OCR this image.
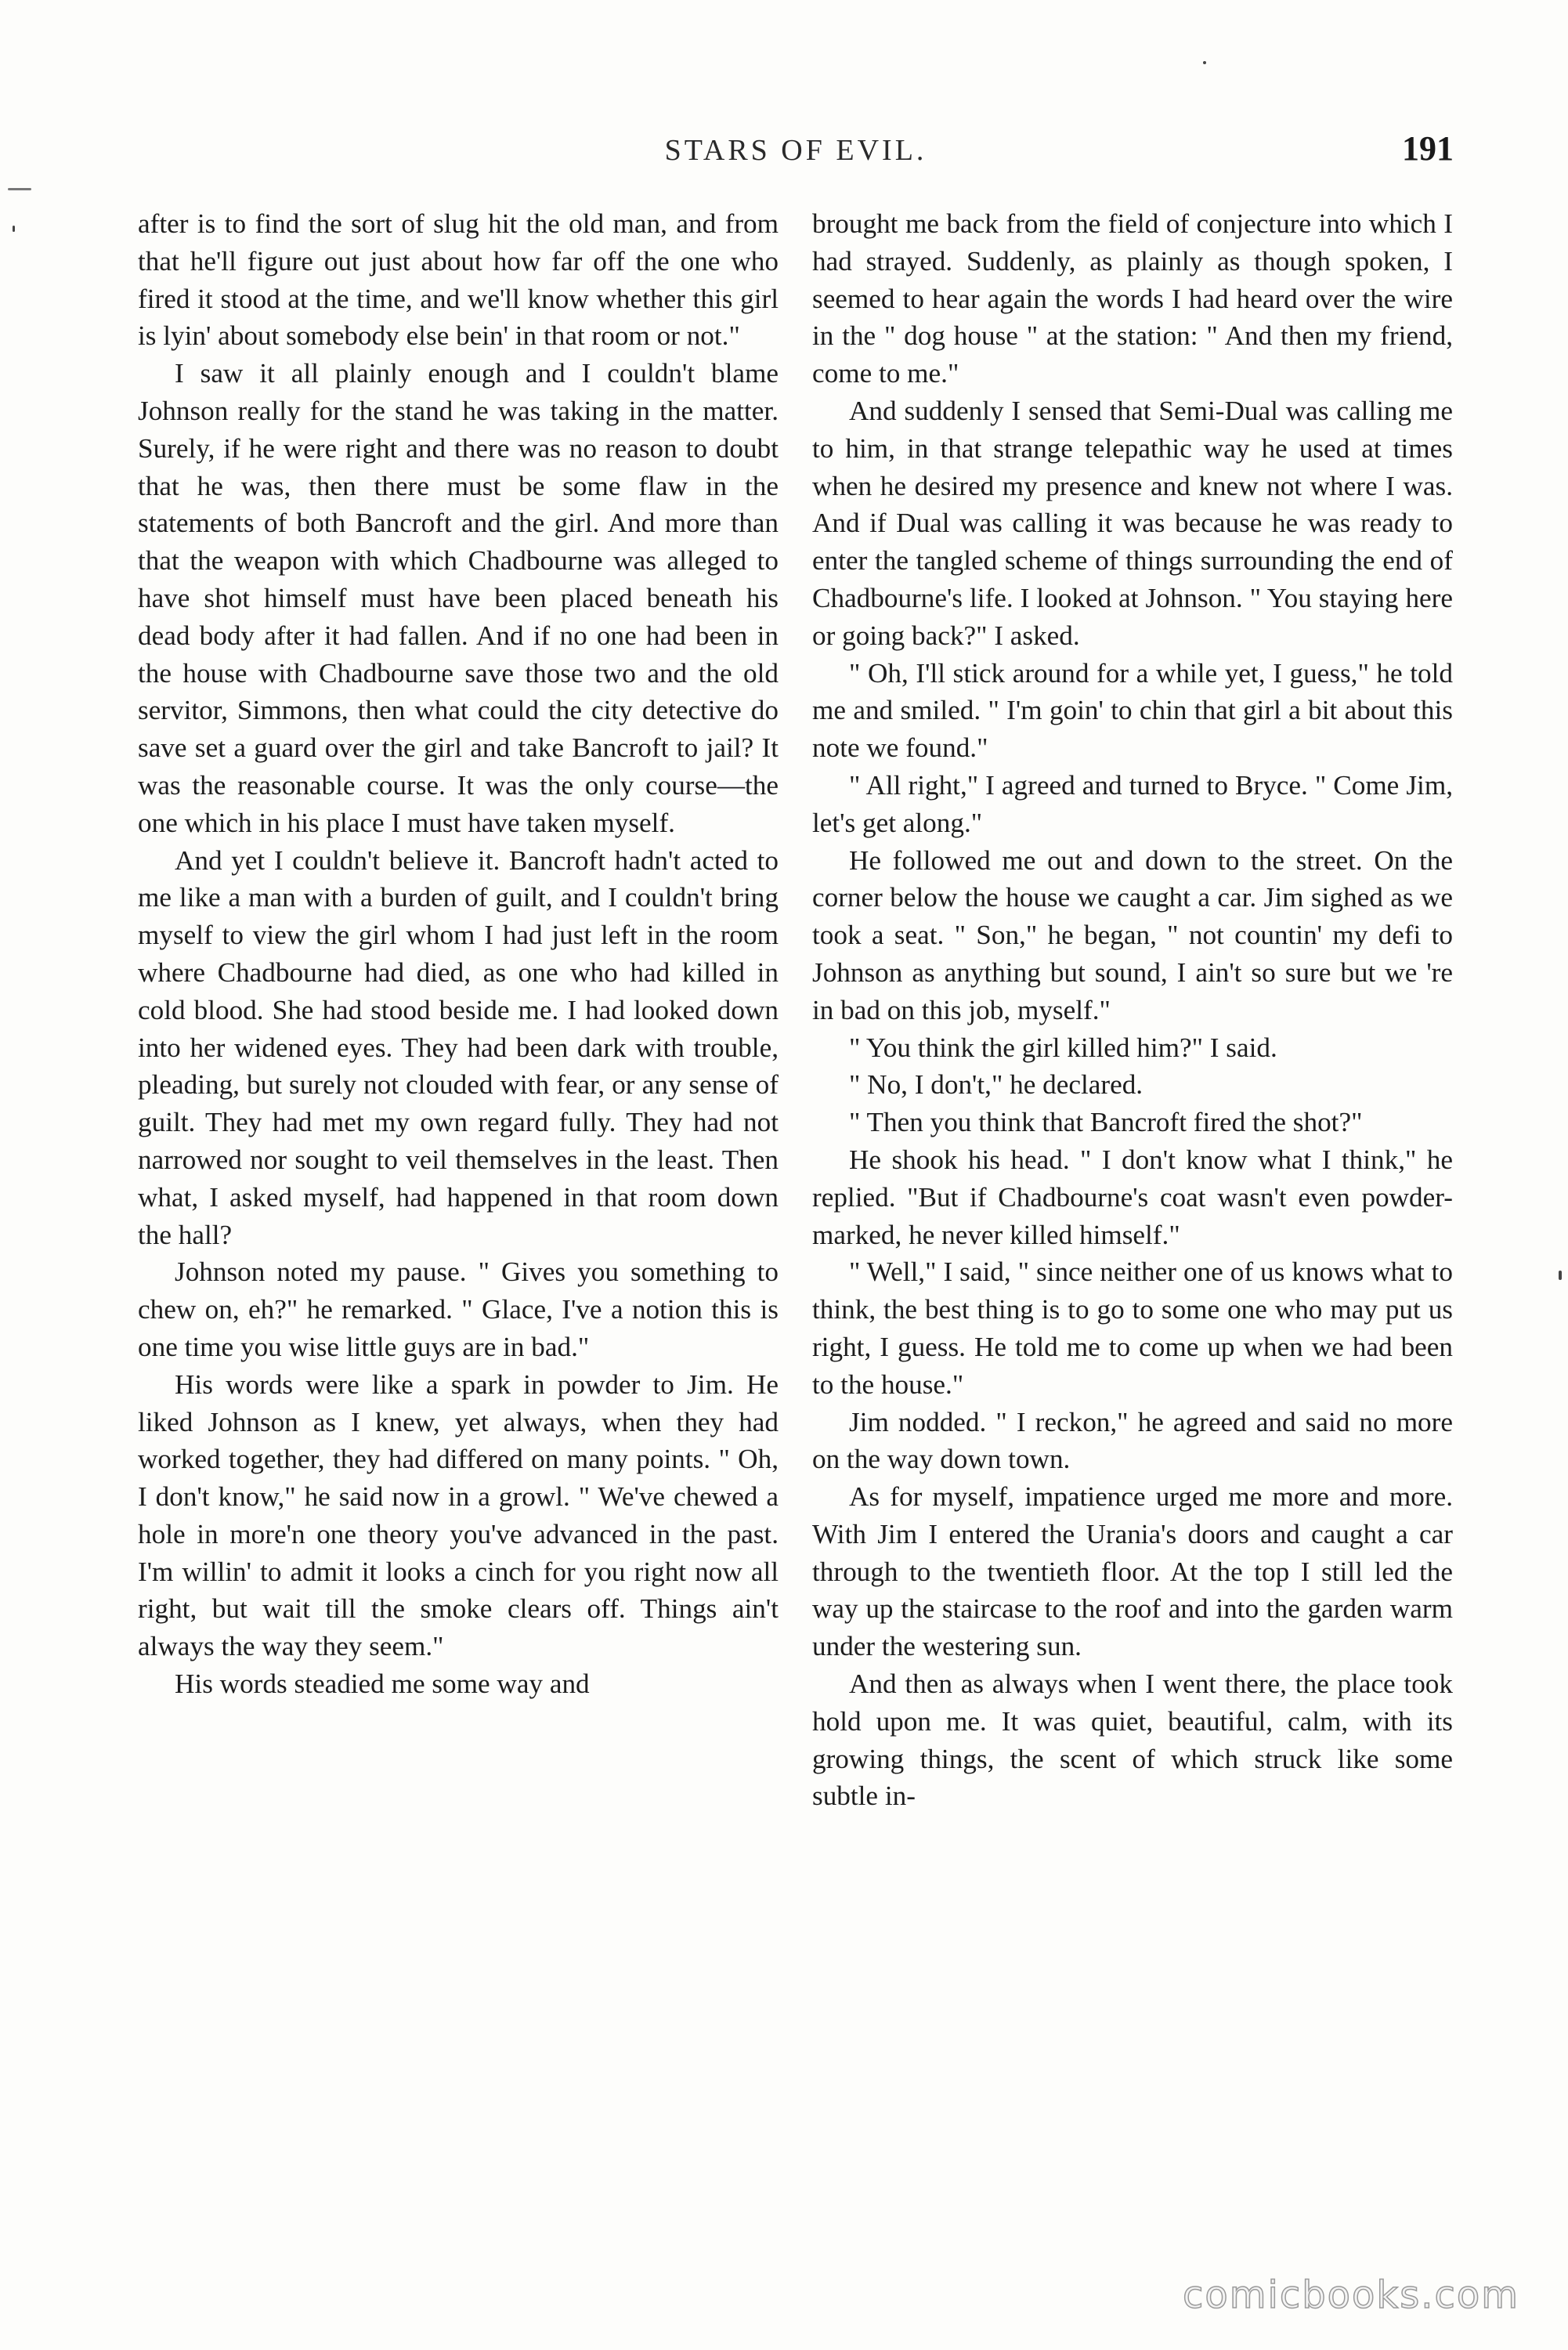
STARS OF EVIL.	191

after is to find the sort of slug hit the old man, and from that he'll figure out just about how far off the one who fired it stood at the time, and we'll know whether this girl is lyin' about somebody else bein' in that room or not."

I saw it all plainly enough and I couldn't blame Johnson really for the stand he was taking in the matter. Surely, if he were right and there was no reason to doubt that he was, then there must be some flaw in the statements of both Bancroft and the girl. And more than that the weapon with which Chadbourne was alleged to have shot himself must have been placed beneath his dead body after it had fallen. And if no one had been in the house with Chadbourne save those two and the old servitor, Simmons, then what could the city detective do save set a guard over the girl and take Bancroft to jail? It was the reasonable course. It was the only course—the one which in his place I must have taken myself.

And yet I couldn't believe it. Bancroft hadn't acted to me like a man with a burden of guilt, and I couldn't bring myself to view the girl whom I had just left in the room where Chadbourne had died, as one who had killed in cold blood. She had stood beside me. I had looked down into her widened eyes. They had been dark with trouble, pleading, but surely not clouded with fear, or any sense of guilt. They had met my own regard fully. They had not narrowed nor sought to veil themselves in the least. Then what, I asked myself, had happened in that room down the hall?

Johnson noted my pause. " Gives you something to chew on, eh?" he remarked. " Glace, I've a notion this is one time you wise little guys are in bad."

His words were like a spark in powder to Jim. He liked Johnson as I knew, yet always, when they had worked together, they had differed on many points. " Oh, I don't know," he said now in a growl. " We've chewed a hole in more'n one theory you've advanced in the past. I'm willin' to admit it looks a cinch for you right now all right, but wait till the smoke clears off. Things ain't always the way they seem."

His words steadied me some way and

brought me back from the field of conjecture into which I had strayed. Suddenly, as plainly as though spoken, I seemed to hear again the words I had heard over the wire in the " dog house " at the station: " And then my friend, come to me."

And suddenly I sensed that Semi-Dual was calling me to him, in that strange telepathic way he used at times when he desired my presence and knew not where I was. And if Dual was calling it was because he was ready to enter the tangled scheme of things surrounding the end of Chadbourne's life. I looked at Johnson. " You staying here or going back?" I asked.

" Oh, I'll stick around for a while yet, I guess," he told me and smiled. " I'm goin' to chin that girl a bit about this note we found."

" All right," I agreed and turned to Bryce. " Come Jim, let's get along."

He followed me out and down to the street. On the corner below the house we caught a car. Jim sighed as we took a seat. " Son," he began, " not countin' my defi to Johnson as anything but sound, I ain't so sure but we 're in bad on this job, myself."

" You think the girl killed him?" I said.

" No, I don't," he declared.

" Then you think that Bancroft fired the shot?"

He shook his head. " I don't know what I think," he replied. "But if Chadbourne's coat wasn't even powder-marked, he never killed himself."

" Well," I said, " since neither one of us knows what to think, the best thing is to go to some one who may put us right, I guess. He told me to come up when we had been to the house."

Jim nodded. " I reckon," he agreed and said no more on the way down town.

As for myself, impatience urged me more and more. With Jim I entered the Urania's doors and caught a car through to the twentieth floor. At the top I still led the way up the staircase to the roof and into the garden warm under the westering sun.

And then as always when I went there, the place took hold upon me. It was quiet, beautiful, calm, with its growing things, the scent of which struck like some subtle in-

comicbooks.com
